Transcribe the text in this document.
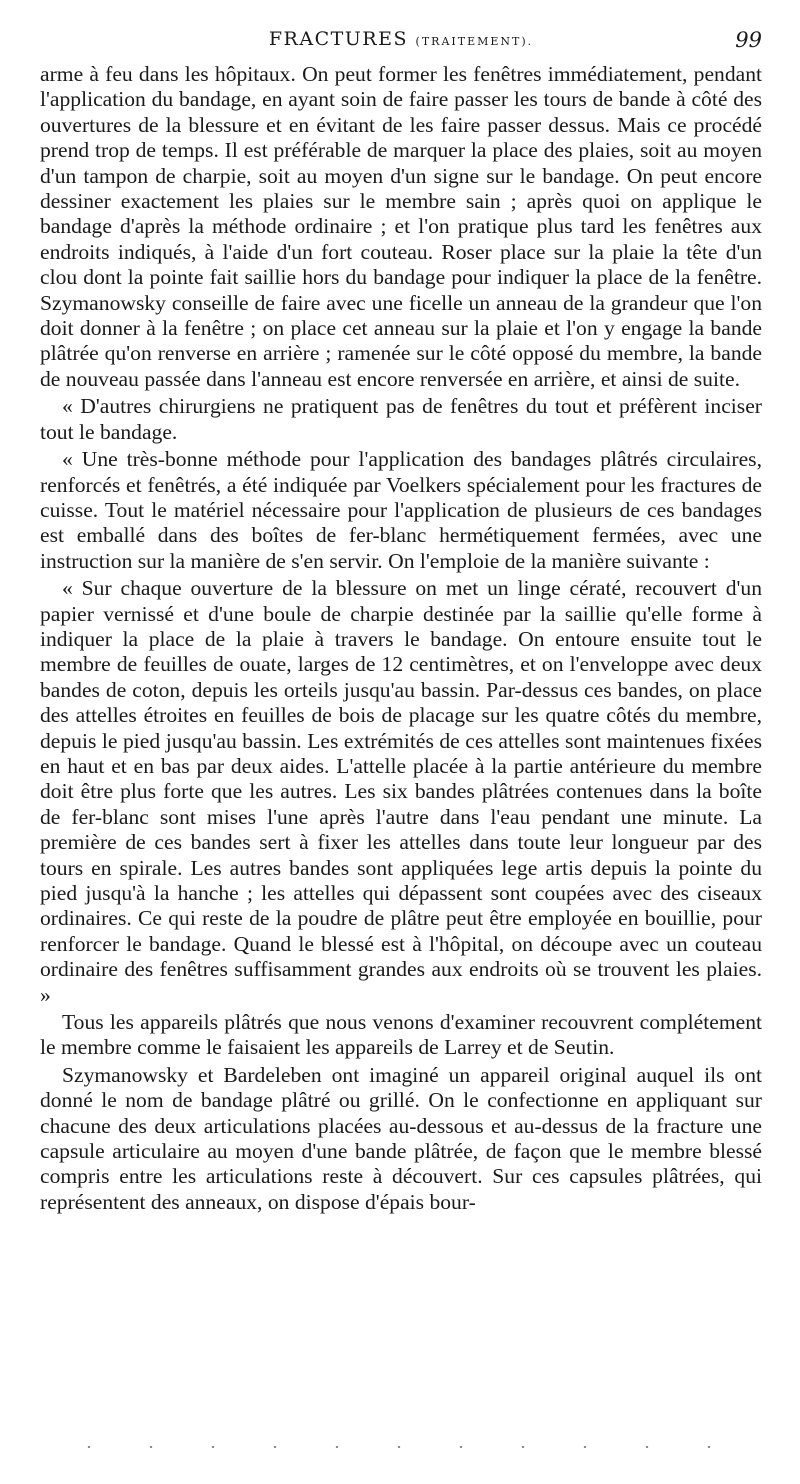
FRACTURES (TRAITEMENT).	99

arme à feu dans les hôpitaux. On peut former les fenêtres immédiatement, pendant l'application du bandage, en ayant soin de faire passer les tours de bande à côté des ouvertures de la blessure et en évitant de les faire passer dessus. Mais ce procédé prend trop de temps. Il est préférable de marquer la place des plaies, soit au moyen d'un tampon de charpie, soit au moyen d'un signe sur le bandage. On peut encore dessiner exactement les plaies sur le membre sain ; après quoi on applique le bandage d'après la méthode ordinaire ; et l'on pratique plus tard les fenêtres aux endroits indiqués, à l'aide d'un fort couteau. Roser place sur la plaie la tête d'un clou dont la pointe fait saillie hors du bandage pour indiquer la place de la fenêtre. Szymanowsky conseille de faire avec une ficelle un anneau de la grandeur que l'on doit donner à la fenêtre ; on place cet anneau sur la plaie et l'on y engage la bande plâtrée qu'on renverse en arrière ; ramenée sur le côté opposé du membre, la bande de nouveau passée dans l'anneau est encore renversée en arrière, et ainsi de suite.

« D'autres chirurgiens ne pratiquent pas de fenêtres du tout et préfèrent inciser tout le bandage.

« Une très-bonne méthode pour l'application des bandages plâtrés circulaires, renforcés et fenêtrés, a été indiquée par Voelkers spécialement pour les fractures de cuisse. Tout le matériel nécessaire pour l'application de plusieurs de ces bandages est emballé dans des boîtes de fer-blanc hermétiquement fermées, avec une instruction sur la manière de s'en servir. On l'emploie de la manière suivante :

« Sur chaque ouverture de la blessure on met un linge cératé, recouvert d'un papier vernissé et d'une boule de charpie destinée par la saillie qu'elle forme à indiquer la place de la plaie à travers le bandage. On entoure ensuite tout le membre de feuilles de ouate, larges de 12 centimètres, et on l'enveloppe avec deux bandes de coton, depuis les orteils jusqu'au bassin. Par-dessus ces bandes, on place des attelles étroites en feuilles de bois de placage sur les quatre côtés du membre, depuis le pied jusqu'au bassin. Les extrémités de ces attelles sont maintenues fixées en haut et en bas par deux aides. L'attelle placée à la partie antérieure du membre doit être plus forte que les autres. Les six bandes plâtrées contenues dans la boîte de fer-blanc sont mises l'une après l'autre dans l'eau pendant une minute. La première de ces bandes sert à fixer les attelles dans toute leur longueur par des tours en spirale. Les autres bandes sont appliquées lege artis depuis la pointe du pied jusqu'à la hanche ; les attelles qui dépassent sont coupées avec des ciseaux ordinaires. Ce qui reste de la poudre de plâtre peut être employée en bouillie, pour renforcer le bandage. Quand le blessé est à l'hôpital, on découpe avec un couteau ordinaire des fenêtres suffisamment grandes aux endroits où se trouvent les plaies. »

Tous les appareils plâtrés que nous venons d'examiner recouvrent complétement le membre comme le faisaient les appareils de Larrey et de Seutin.

Szymanowsky et Bardeleben ont imaginé un appareil original auquel ils ont donné le nom de bandage plâtré ou grillé. On le confectionne en appliquant sur chacune des deux articulations placées au-dessous et au-dessus de la fracture une capsule articulaire au moyen d'une bande plâtrée, de façon que le membre blessé compris entre les articulations reste à découvert. Sur ces capsules plâtrées, qui représentent des anneaux, on dispose d'épais bour-
